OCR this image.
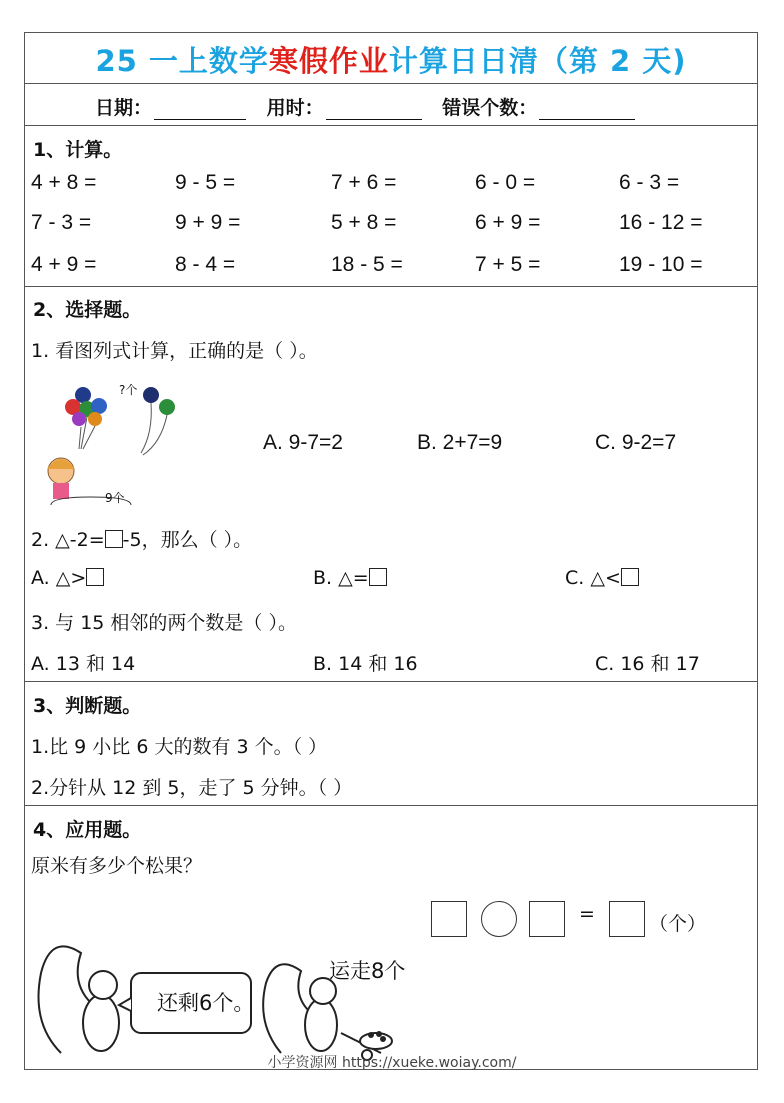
25 一上数学寒假作业计算日日清（第 2 天)
日期：	用时：	错误个数：
1、计算。
4 + 8 =	9 - 5 =	7 + 6 =	6 - 0 =	6 - 3 =
7 - 3 =	9 + 9 =	5 + 8 =	6 + 9 =	16 - 12 =
4 + 9 =	8 - 4 =	18 - 5 =	7 + 5 =	19 - 10 =
2、选择题。
1. 看图列式计算，正确的是（ ）。
?个
9个
A. 9-7=2	B. 2+7=9	C. 9-2=7
2. △-2= -5，那么（ ）。
A. △>	B. △=	C. △<
3. 与 15 相邻的两个数是（ ）。
A. 13 和 14	B. 14 和 16	C. 16 和 17
3、判断题。
1.比 9 小比 6 大的数有 3 个。（ ）
2.分针从 12 到 5，走了 5 分钟。（ ）
4、应用题。
原米有多少个松果？
=	（个）
还剩6个。
运走8个
小学资源网 https://xueke.woiay.com/
